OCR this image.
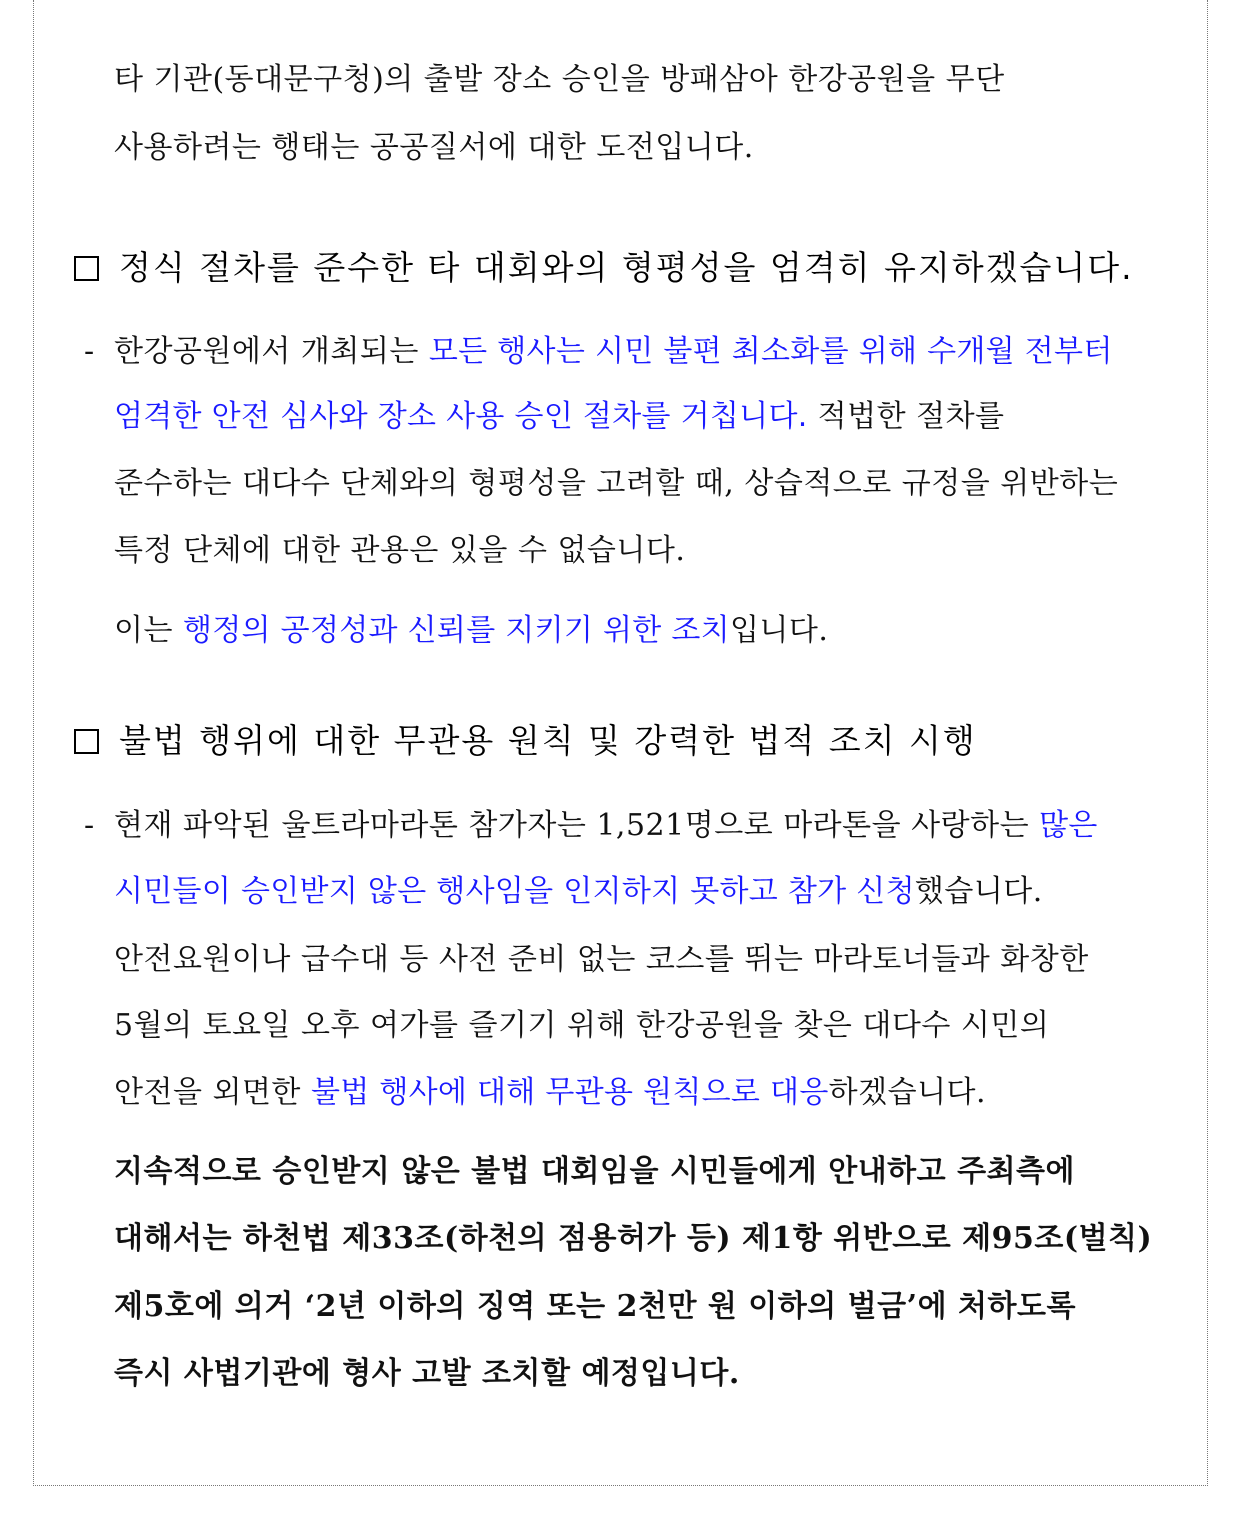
타 기관(동대문구청)의 출발 장소 승인을 방패삼아 한강공원을 무단
사용하려는 행태는 공공질서에 대한 도전입니다.
정식 절차를 준수한 타 대회와의 형평성을 엄격히 유지하겠습니다.
- 한강공원에서 개최되는 모든 행사는 시민 불편 최소화를 위해 수개월 전부터
엄격한 안전 심사와 장소 사용 승인 절차를 거칩니다. 적법한 절차를
준수하는 대다수 단체와의 형평성을 고려할 때, 상습적으로 규정을 위반하는
특정 단체에 대한 관용은 있을 수 없습니다.
이는 행정의 공정성과 신뢰를 지키기 위한 조치입니다.
불법 행위에 대한 무관용 원칙 및 강력한 법적 조치 시행
- 현재 파악된 울트라마라톤 참가자는 1,521명으로 마라톤을 사랑하는 많은
시민들이 승인받지 않은 행사임을 인지하지 못하고 참가 신청했습니다.
안전요원이나 급수대 등 사전 준비 없는 코스를 뛰는 마라토너들과 화창한
5월의 토요일 오후 여가를 즐기기 위해 한강공원을 찾은 대다수 시민의
안전을 외면한 불법 행사에 대해 무관용 원칙으로 대응하겠습니다.
지속적으로 승인받지 않은 불법 대회임을 시민들에게 안내하고 주최측에
대해서는 하천법 제33조(하천의 점용허가 등) 제1항 위반으로 제95조(벌칙)
제5호에 의거 ‘2년 이하의 징역 또는 2천만 원 이하의 벌금’에 처하도록
즉시 사법기관에 형사 고발 조치할 예정입니다.
